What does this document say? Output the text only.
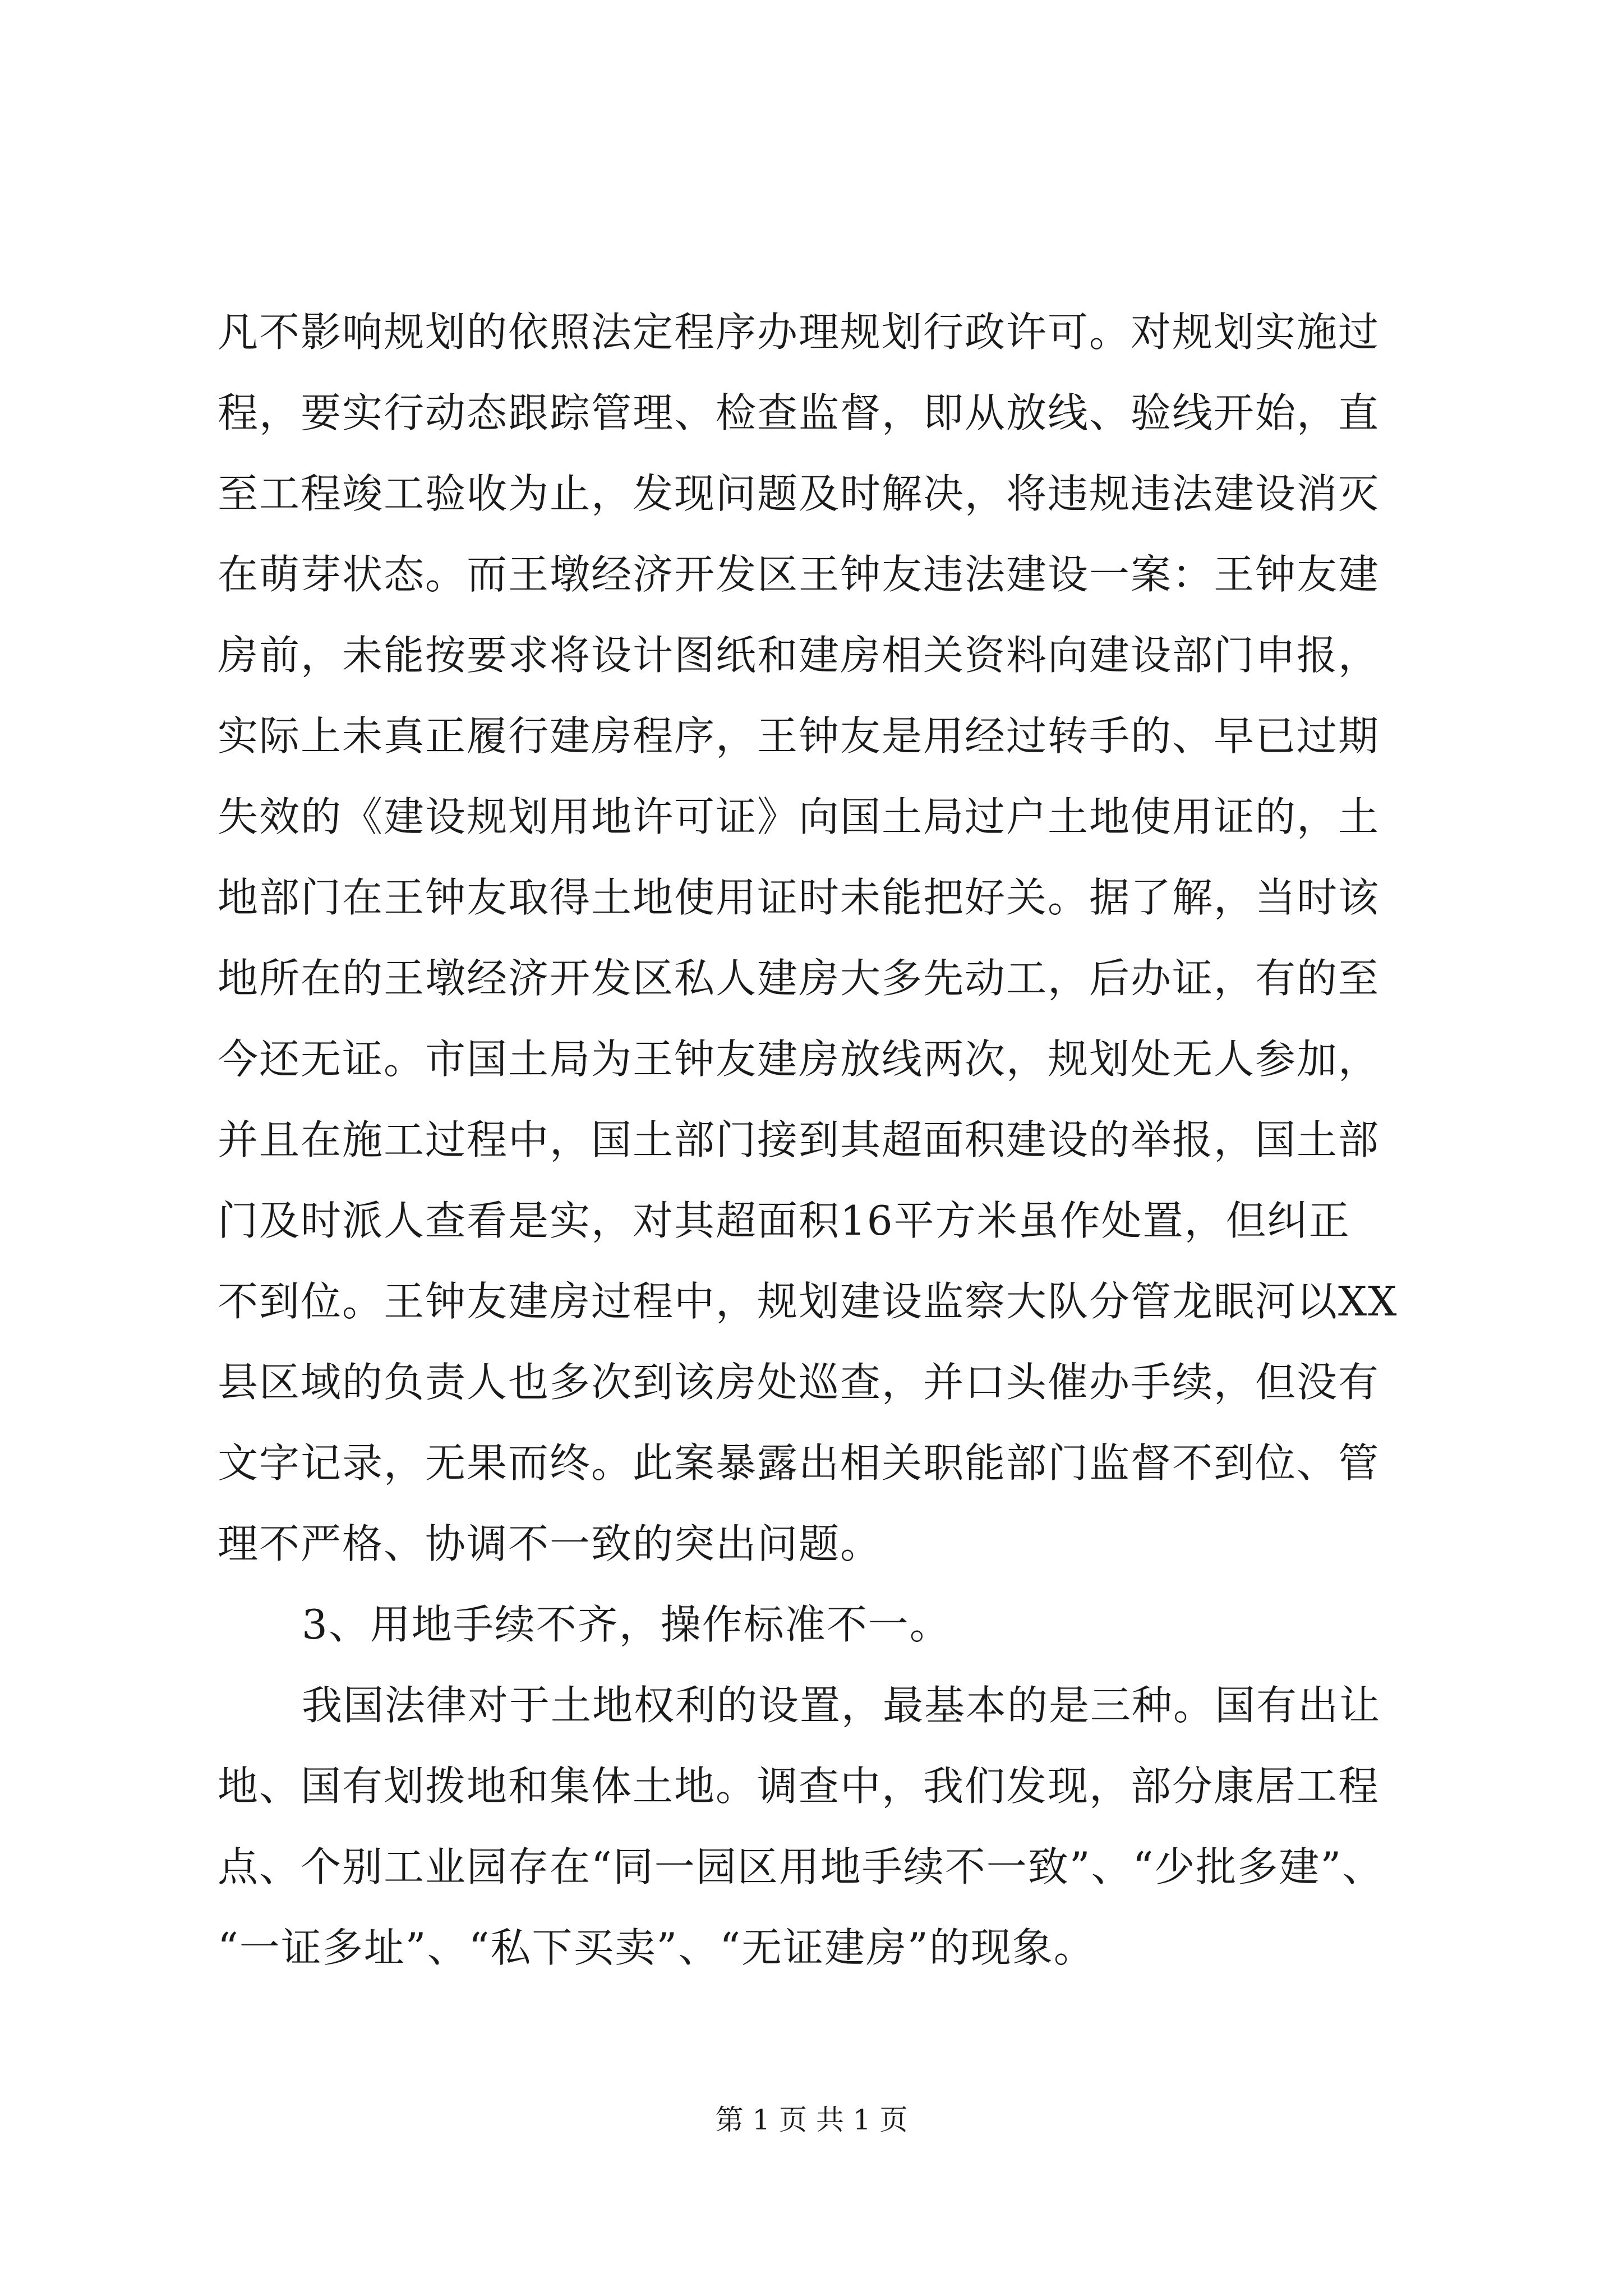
凡不影响规划的依照法定程序办理规划行政许可。对规划实施过
程，要实行动态跟踪管理、检查监督，即从放线、验线开始，直
至工程竣工验收为止，发现问题及时解决，将违规违法建设消灭
在萌芽状态。而王墩经济开发区王钟友违法建设一案：王钟友建
房前，未能按要求将设计图纸和建房相关资料向建设部门申报，
实际上未真正履行建房程序，王钟友是用经过转手的、早已过期
失效的《建设规划用地许可证》向国土局过户土地使用证的，土
地部门在王钟友取得土地使用证时未能把好关。据了解，当时该
地所在的王墩经济开发区私人建房大多先动工，后办证，有的至
今还无证。市国土局为王钟友建房放线两次，规划处无人参加，
并且在施工过程中，国土部门接到其超面积建设的举报，国土部
门及时派人查看是实，对其超面积16平方米虽作处置，但纠正
不到位。王钟友建房过程中，规划建设监察大队分管龙眠河以XX
县区域的负责人也多次到该房处巡查，并口头催办手续，但没有
文字记录，无果而终。此案暴露出相关职能部门监督不到位、管
理不严格、协调不一致的突出问题。
3、用地手续不齐，操作标准不一。
我国法律对于土地权利的设置，最基本的是三种。国有出让
地、国有划拨地和集体土地。调查中，我们发现，部分康居工程
点、个别工业园存在“同一园区用地手续不一致”、“少批多建”、
“一证多址”、“私下买卖”、“无证建房”的现象。
第 1 页 共 1 页
